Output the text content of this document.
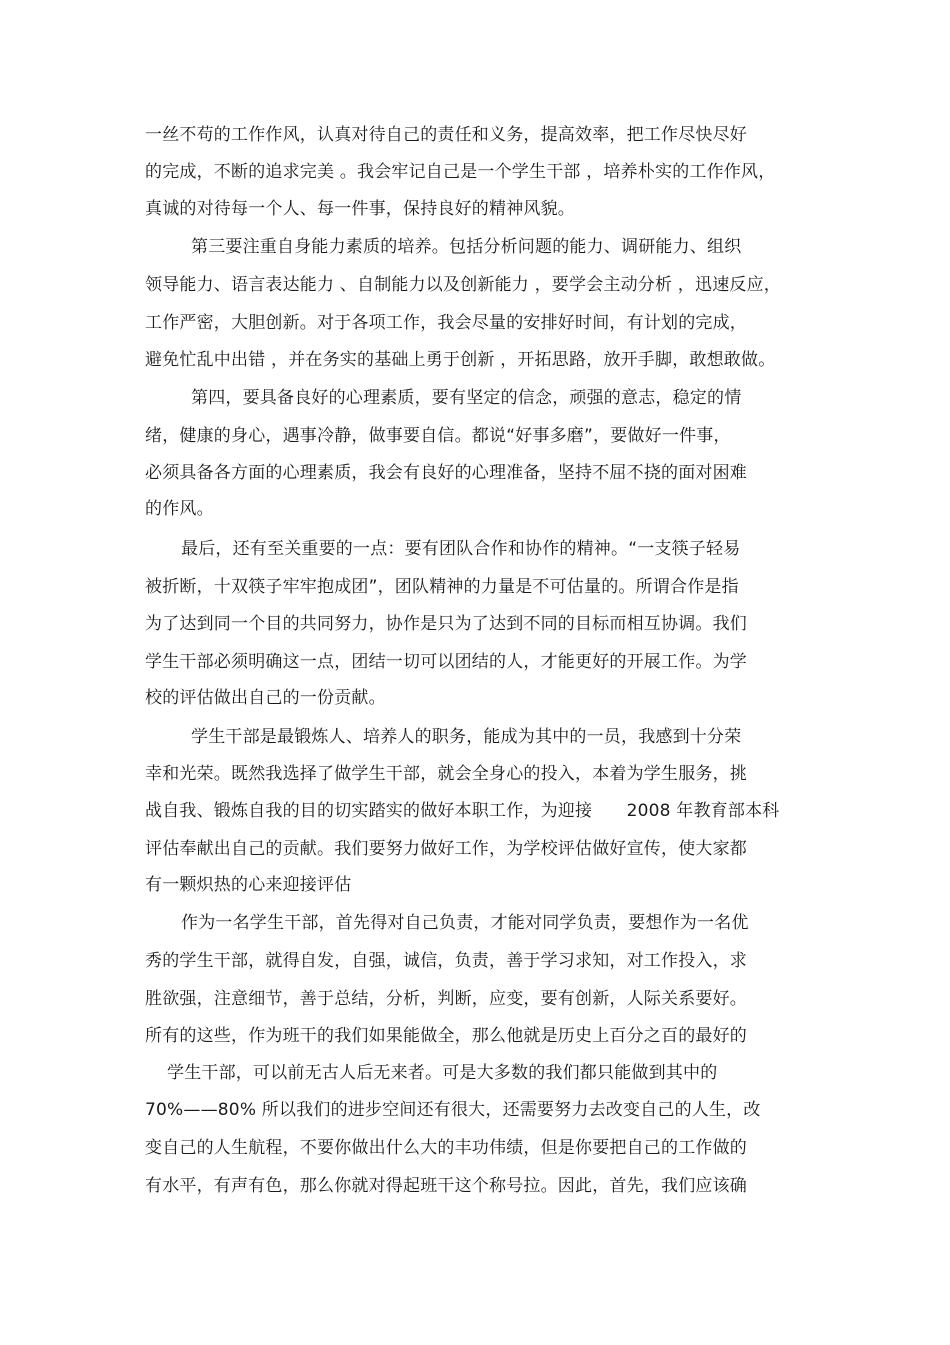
一丝不苟的工作作风，认真对待自己的责任和义务，提高效率，把工作尽快尽好
的完成，不断的追求完美 。我会牢记自己是一个学生干部 ，培养朴实的工作作风，
真诚的对待每一个人、每一件事，保持良好的精神风貌。
第三要注重自身能力素质的培养。包括分析问题的能力、调研能力、组织
领导能力、语言表达能力 、自制能力以及创新能力 ，要学会主动分析 ，迅速反应，
工作严密，大胆创新。对于各项工作，我会尽量的安排好时间，有计划的完成，
避免忙乱中出错 ，并在务实的基础上勇于创新 ，开拓思路，放开手脚，敢想敢做。
第四，要具备良好的心理素质，要有坚定的信念，顽强的意志，稳定的情
绪，健康的身心，遇事冷静，做事要自信。都说“好事多磨”，要做好一件事，
必须具备各方面的心理素质，我会有良好的心理准备，坚持不屈不挠的面对困难
的作风。
最后，还有至关重要的一点：要有团队合作和协作的精神。“一支筷子轻易
被折断，十双筷子牢牢抱成团”，团队精神的力量是不可估量的。所谓合作是指
为了达到同一个目的共同努力，协作是只为了达到不同的目标而相互协调。我们
学生干部必须明确这一点，团结一切可以团结的人，才能更好的开展工作。为学
校的评估做出自己的一份贡献。
学生干部是最锻炼人、培养人的职务，能成为其中的一员，我感到十分荣
幸和光荣。既然我选择了做学生干部，就会全身心的投入，本着为学生服务，挑
战自我、锻炼自我的目的切实踏实的做好本职工作，为迎接　　2008 年教育部本科
评估奉献出自己的贡献。我们要努力做好工作，为学校评估做好宣传，使大家都
有一颗炽热的心来迎接评估
作为一名学生干部，首先得对自己负责，才能对同学负责，要想作为一名优
秀的学生干部，就得自发，自强，诚信，负责，善于学习求知，对工作投入，求
胜欲强，注意细节，善于总结，分析，判断，应变，要有创新，人际关系要好。
所有的这些，作为班干的我们如果能做全，那么他就是历史上百分之百的最好的
学生干部，可以前无古人后无来者。可是大多数的我们都只能做到其中的
70%——80% 所以我们的进步空间还有很大，还需要努力去改变自己的人生，改
变自己的人生航程，不要你做出什么大的丰功伟绩，但是你要把自己的工作做的
有水平，有声有色，那么你就对得起班干这个称号拉。因此，首先，我们应该确
